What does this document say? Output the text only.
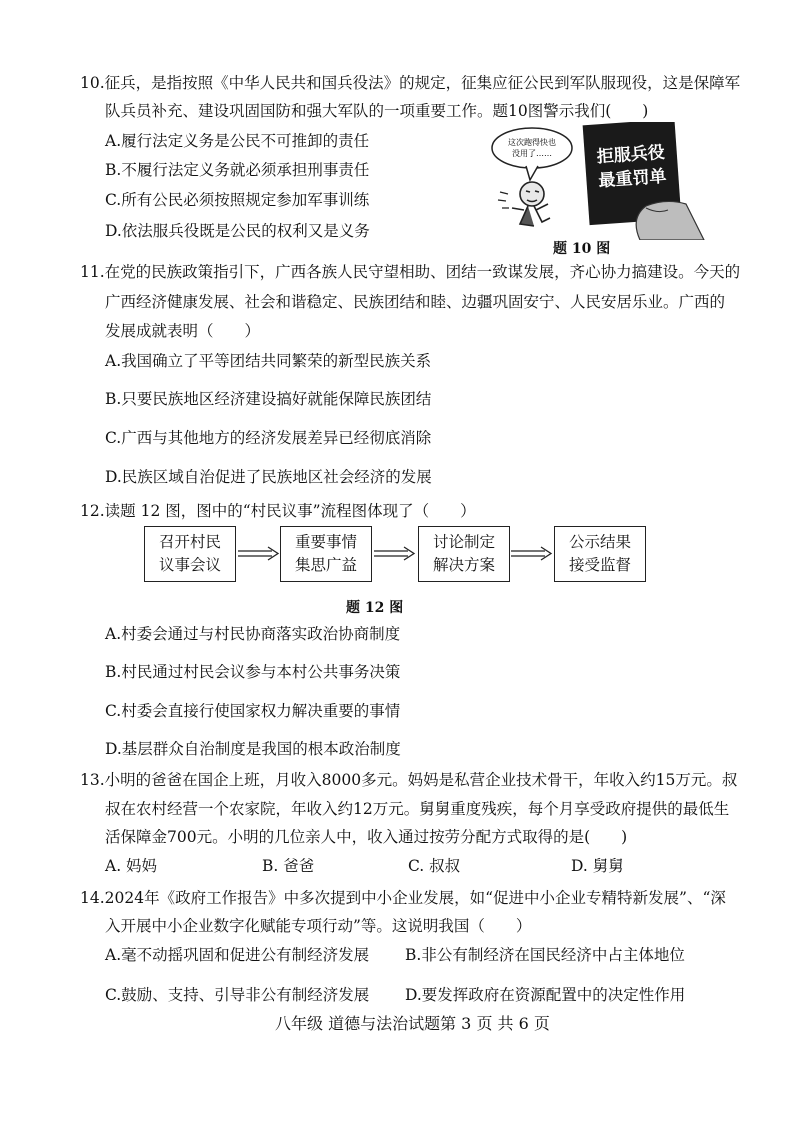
10.征兵，是指按照《中华人民共和国兵役法》的规定，征集应征公民到军队服现役，这是保障军
队兵员补充、建设巩固国防和强大军队的一项重要工作。题10图警示我们(　　)
A.履行法定义务是公民不可推卸的责任
B.不履行法定义务就必须承担刑事责任
C.所有公民必须按照规定参加军事训练
D.依法服兵役既是公民的权利又是义务
这次跑得快也
没用了……	拒服兵役
最重罚单
题 10 图
11.在党的民族政策指引下，广西各族人民守望相助、团结一致谋发展，齐心协力搞建设。今天的
广西经济健康发展、社会和谐稳定、民族团结和睦、边疆巩固安宁、人民安居乐业。广西的
发展成就表明（　　）
A.我国确立了平等团结共同繁荣的新型民族关系
B.只要民族地区经济建设搞好就能保障民族团结
C.广西与其他地方的经济发展差异已经彻底消除
D.民族区域自治促进了民族地区社会经济的发展
12.读题 12 图，图中的“村民议事”流程图体现了（　　）
召开村民
议事会议
重要事情
集思广益
讨论制定
解决方案
公示结果
接受监督
题 12 图
A.村委会通过与村民协商落实政治协商制度
B.村民通过村民会议参与本村公共事务决策
C.村委会直接行使国家权力解决重要的事情
D.基层群众自治制度是我国的根本政治制度
13.小明的爸爸在国企上班，月收入8000多元。妈妈是私营企业技术骨干，年收入约15万元。叔
叔在农村经营一个农家院，年收入约12万元。舅舅重度残疾，每个月享受政府提供的最低生
活保障金700元。小明的几位亲人中，收入通过按劳分配方式取得的是(　　)
A. 妈妈	B. 爸爸	C. 叔叔	D. 舅舅
14.2024年《政府工作报告》中多次提到中小企业发展，如“促进中小企业专精特新发展”、“深
入开展中小企业数字化赋能专项行动”等。这说明我国（　　）
A.毫不动摇巩固和促进公有制经济发展 B.非公有制经济在国民经济中占主体地位
C.鼓励、支持、引导非公有制经济发展 D.要发挥政府在资源配置中的决定性作用
八年级 道德与法治试题第 3 页 共 6 页
